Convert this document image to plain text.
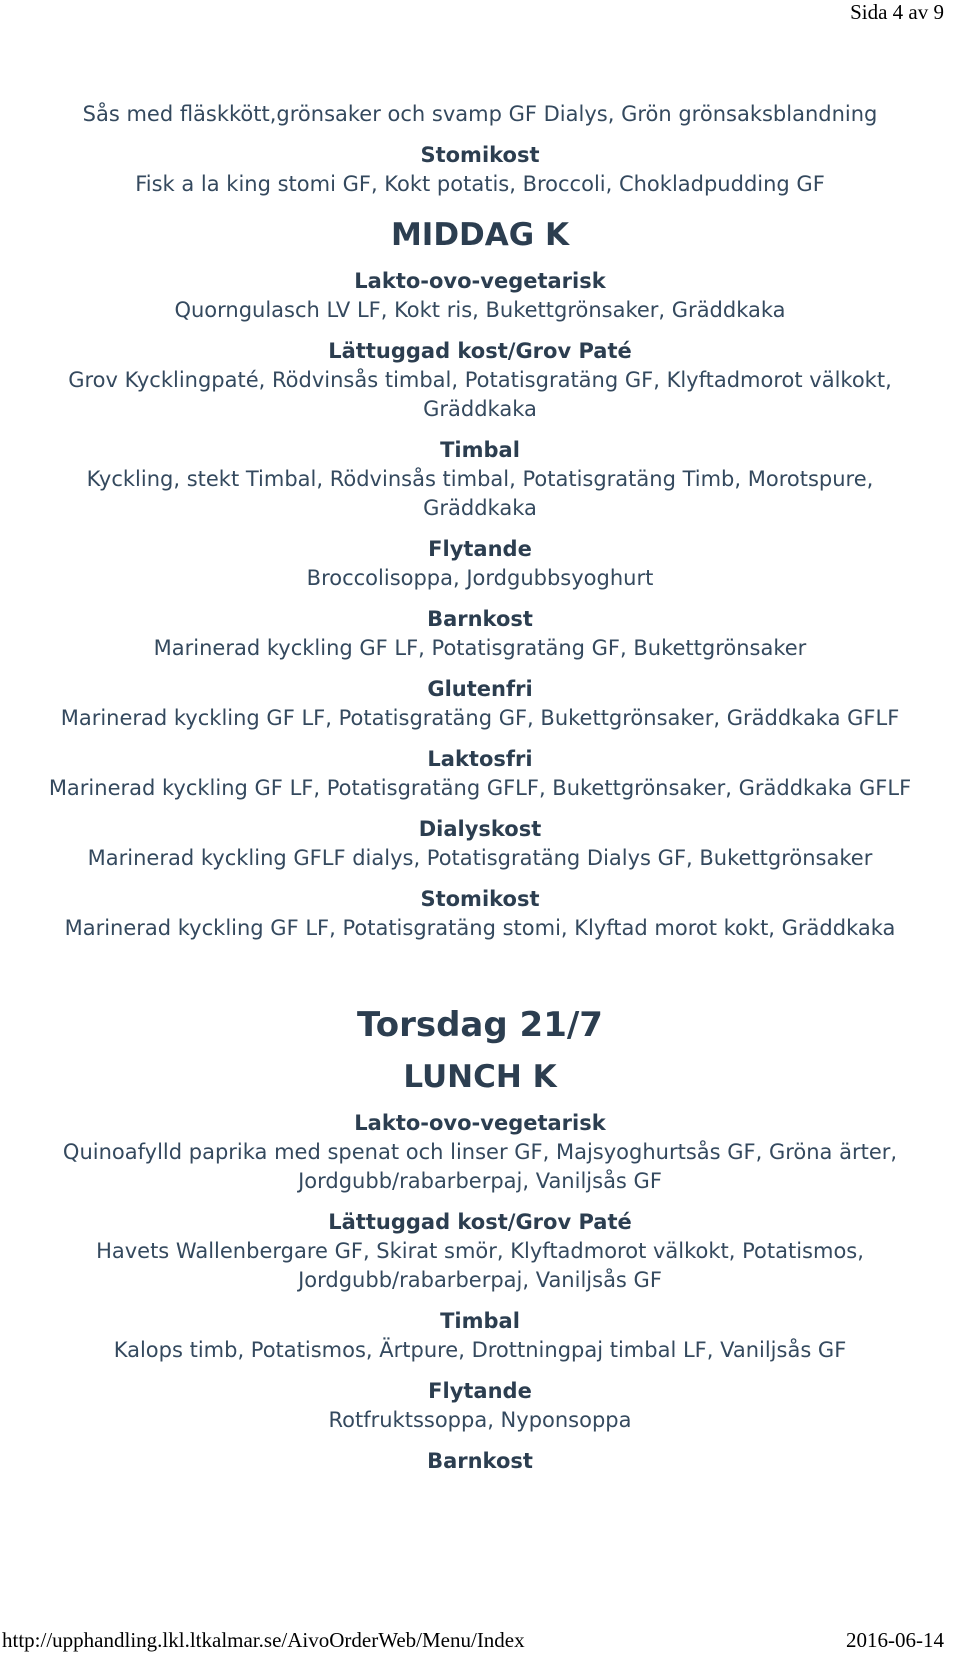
Sida 4 av 9

Sås med fläskkött,grönsaker och svamp GF Dialys, Grön grönsaksblandning

Stomikost

Fisk a la king stomi GF, Kokt potatis, Broccoli, Chokladpudding GF

MIDDAG K

Lakto-ovo-vegetarisk

Quorngulasch LV LF, Kokt ris, Bukettgrönsaker, Gräddkaka

Lättuggad kost/Grov Paté

Grov Kycklingpaté, Rödvinsås timbal, Potatisgratäng GF, Klyftadmorot välkokt,

Gräddkaka

Timbal

Kyckling, stekt Timbal, Rödvinsås timbal, Potatisgratäng Timb, Morotspure,

Gräddkaka

Flytande

Broccolisoppa, Jordgubbsyoghurt

Barnkost

Marinerad kyckling GF LF, Potatisgratäng GF, Bukettgrönsaker

Glutenfri

Marinerad kyckling GF LF, Potatisgratäng GF, Bukettgrönsaker, Gräddkaka GFLF

Laktosfri

Marinerad kyckling GF LF, Potatisgratäng GFLF, Bukettgrönsaker, Gräddkaka GFLF

Dialyskost

Marinerad kyckling GFLF dialys, Potatisgratäng Dialys GF, Bukettgrönsaker

Stomikost

Marinerad kyckling GF LF, Potatisgratäng stomi, Klyftad morot kokt, Gräddkaka

Torsdag 21/7

LUNCH K

Lakto-ovo-vegetarisk

Quinoafylld paprika med spenat och linser GF, Majsyoghurtsås GF, Gröna ärter,

Jordgubb/rabarberpaj, Vaniljsås GF

Lättuggad kost/Grov Paté

Havets Wallenbergare GF, Skirat smör, Klyftadmorot välkokt, Potatismos,

Jordgubb/rabarberpaj, Vaniljsås GF

Timbal

Kalops timb, Potatismos, Ärtpure, Drottningpaj timbal LF, Vaniljsås GF

Flytande

Rotfruktssoppa, Nyponsoppa

Barnkost

http://upphandling.lkl.ltkalmar.se/AivoOrderWeb/Menu/Index	2016-06-14
